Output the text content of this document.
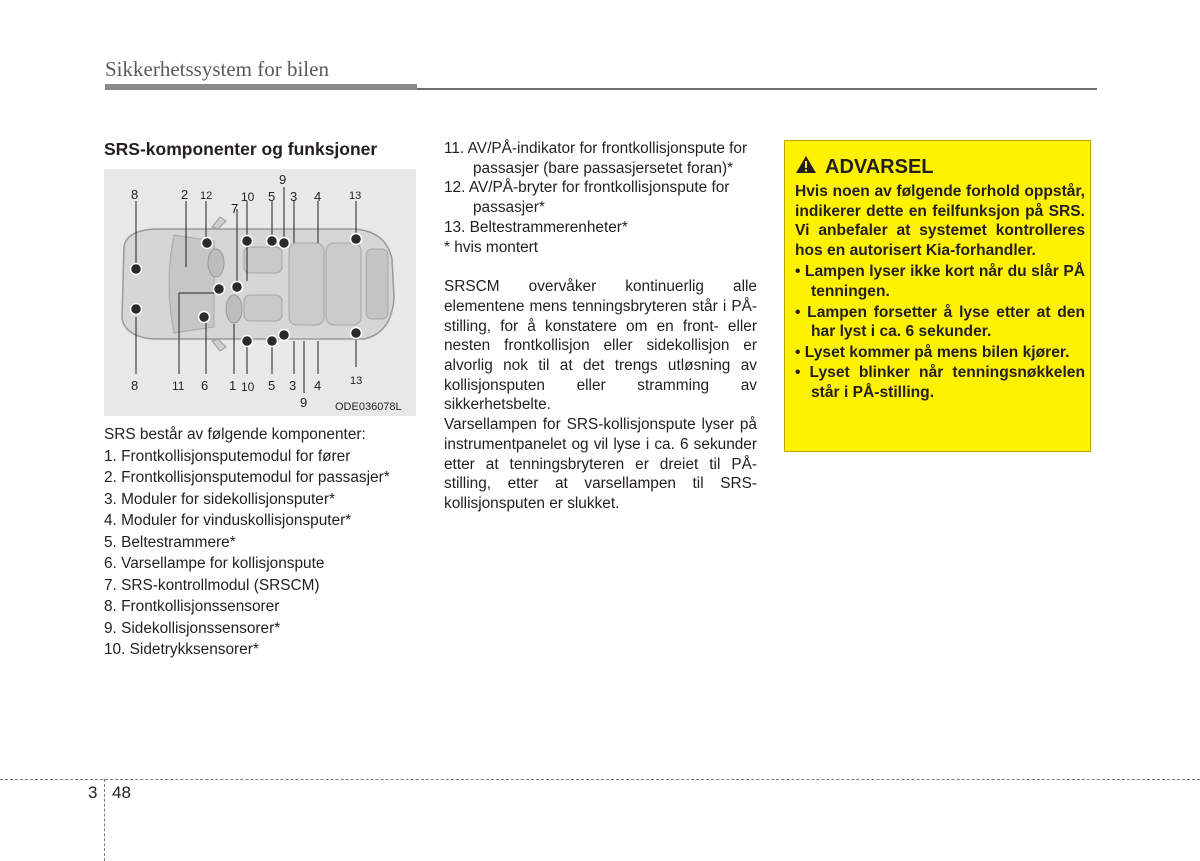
Sikkerhetssystem for bilen
SRS-komponenter og funksjoner
8	2 12 10
7
5
9
3 4	13
8	11 6 1 10 5 3 4	13
9	ODE036078L
SRS består av følgende komponenter:
1. Frontkollisjonsputemodul for fører
2. Frontkollisjonsputemodul for passasjer*
3. Moduler for sidekollisjonsputer*
4. Moduler for vinduskollisjonsputer*
5. Beltestrammere*
6. Varsellampe for kollisjonspute
7. SRS-kontrollmodul (SRSCM)
8. Frontkollisjonssensorer
9. Sidekollisjonssensorer*
10. Sidetrykksensorer*
11. AV/PÅ-indikator for frontkollisjonspute for passasjer (bare passasjersetet foran)*
12. AV/PÅ-bryter for frontkollisjonspute for passasjer*
13. Beltestrammerenheter*
* hvis montert

SRSCM overvåker kontinuerlig alle elementene mens tenningsbryteren står i PÅ-stilling, for å konstatere om en front- eller nesten frontkollisjon eller sidekollisjon er alvorlig nok til at det trengs utløsning av kollisjonsputen eller stramming av sikkerhetsbelte.

Varsellampen for SRS-kollisjonspute lyser på instrumentpanelet og vil lyse i ca. 6 sekunder etter at tenningsbryteren er dreiet til PÅ-stilling, etter at varsellampen til SRS-kollisjonsputen er slukket.

ADVARSEL
Hvis noen av følgende forhold oppstår, indikerer dette en feilfunksjon på SRS. Vi anbefaler at systemet kontrolleres hos en autorisert Kia-forhandler.
• Lampen lyser ikke kort når du slår PÅ tenningen.
• Lampen forsetter å lyse etter at den har lyst i ca. 6 sekunder.
• Lyset kommer på mens bilen kjører.
• Lyset blinker når tenningsnøkkelen står i PÅ-stilling.
3 48
